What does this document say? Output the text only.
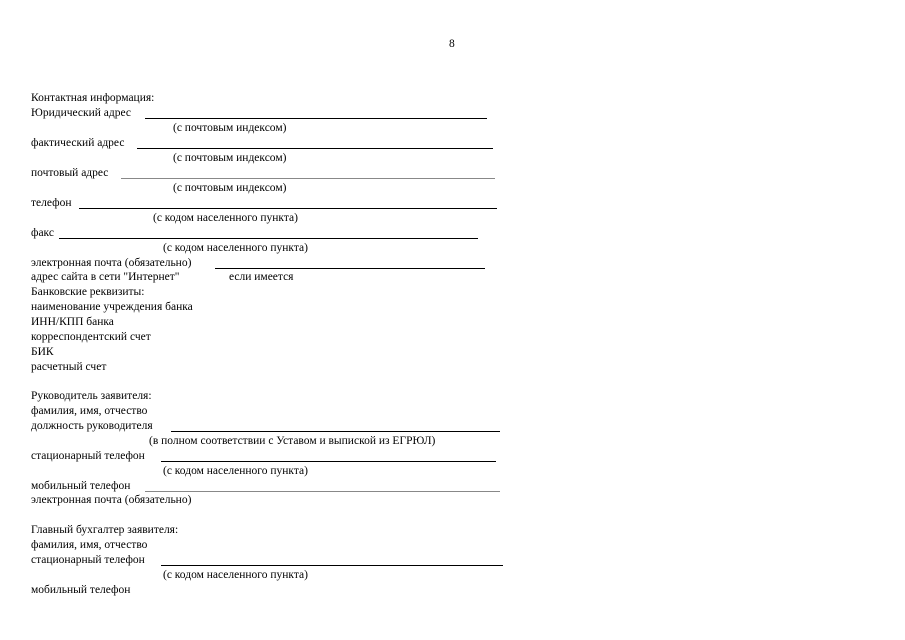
8
Контактная информация:
Юридический адрес
(с почтовым индексом)
фактический адрес
(с почтовым индексом)
почтовый адрес
(с почтовым индексом)
телефон
(с кодом населенного пункта)
факс
(с кодом населенного пункта)
электронная почта (обязательно)
адрес сайта в сети "Интернет"	если имеется
Банковские реквизиты:
наименование учреждения банка
ИНН/КПП банка
корреспондентский счет
БИК
расчетный счет
Руководитель заявителя:
фамилия, имя, отчество
должность руководителя
(в полном соответствии с Уставом и выпиской из ЕГРЮЛ)
стационарный телефон
(с кодом населенного пункта)
мобильный телефон
электронная почта (обязательно)
Главный бухгалтер заявителя:
фамилия, имя, отчество
стационарный телефон
(с кодом населенного пункта)
мобильный телефон
